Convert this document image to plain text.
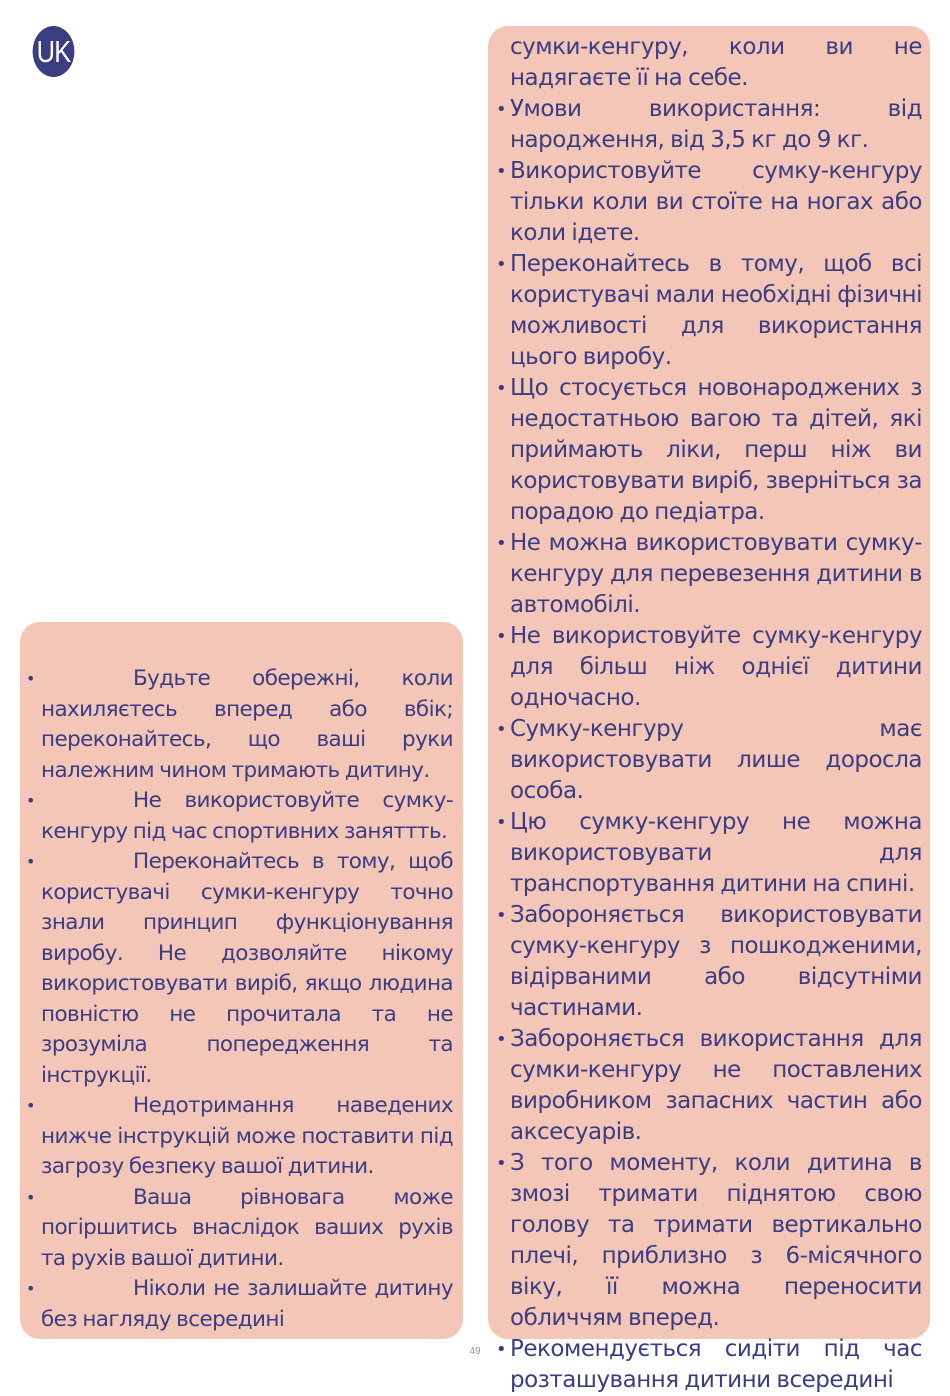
UK
•	Будьте обережні, коли нахиляєтесь вперед або вбік; переконайтесь, що ваші руки належним чином тримають дитину.
•	Не використовуйте сумку-кенгуру під час спортивних заняттть.
•	Переконайтесь в тому, щоб користувачі сумки-кенгуру точно знали принцип функціонування виробу. Не дозволяйте нікому використовувати виріб, якщо людина повністю не прочитала та не зрозуміла попередження та інструкції.
•	Недотримання наведених нижче інструкцій може поставити під загрозу безпеку вашої дитини.
•	Ваша рівновага може погіршитись внаслідок ваших рухів та рухів вашої дитини.
•	Ніколи не залишайте дитину без нагляду всередині
сумки-кенгуру, коли ви не надягаєте її на себе.
• Умови використання: від народження, від 3,5 кг до 9 кг.
• Використовуйте сумку-кенгуру тільки коли ви стоїте на ногах або коли ідете.
• Переконайтесь в тому, щоб всі користувачі мали необхідні фізичні можливості для використання цього виробу.
• Що стосується новонароджених з недостатньою вагою та дітей, які приймають ліки, перш ніж ви користовувати виріб, зверніться за порадою до педіатра.
• Не можна використовувати сумку-кенгуру для перевезення дитини в автомобілі.
• Не використовуйте сумку-кенгуру для більш ніж однієї дитини одночасно.
• Сумку-кенгуру має використовувати лише доросла особа.
• Цю сумку-кенгуру не можна використовувати для транспортування дитини на спині.
• Забороняється використовувати сумку-кенгуру з пошкодженими, відірваними або відсутніми частинами.
• Забороняється використання для сумки-кенгуру не поставлених виробником запасних частин або аксесуарів.
• З того моменту, коли дитина в змозі тримати піднятою свою голову та тримати вертикально плечі, приблизно з 6-місячного віку, її можна переносити обличчям вперед.
• Рекомендується сидіти під час розташування дитини всередині
49
